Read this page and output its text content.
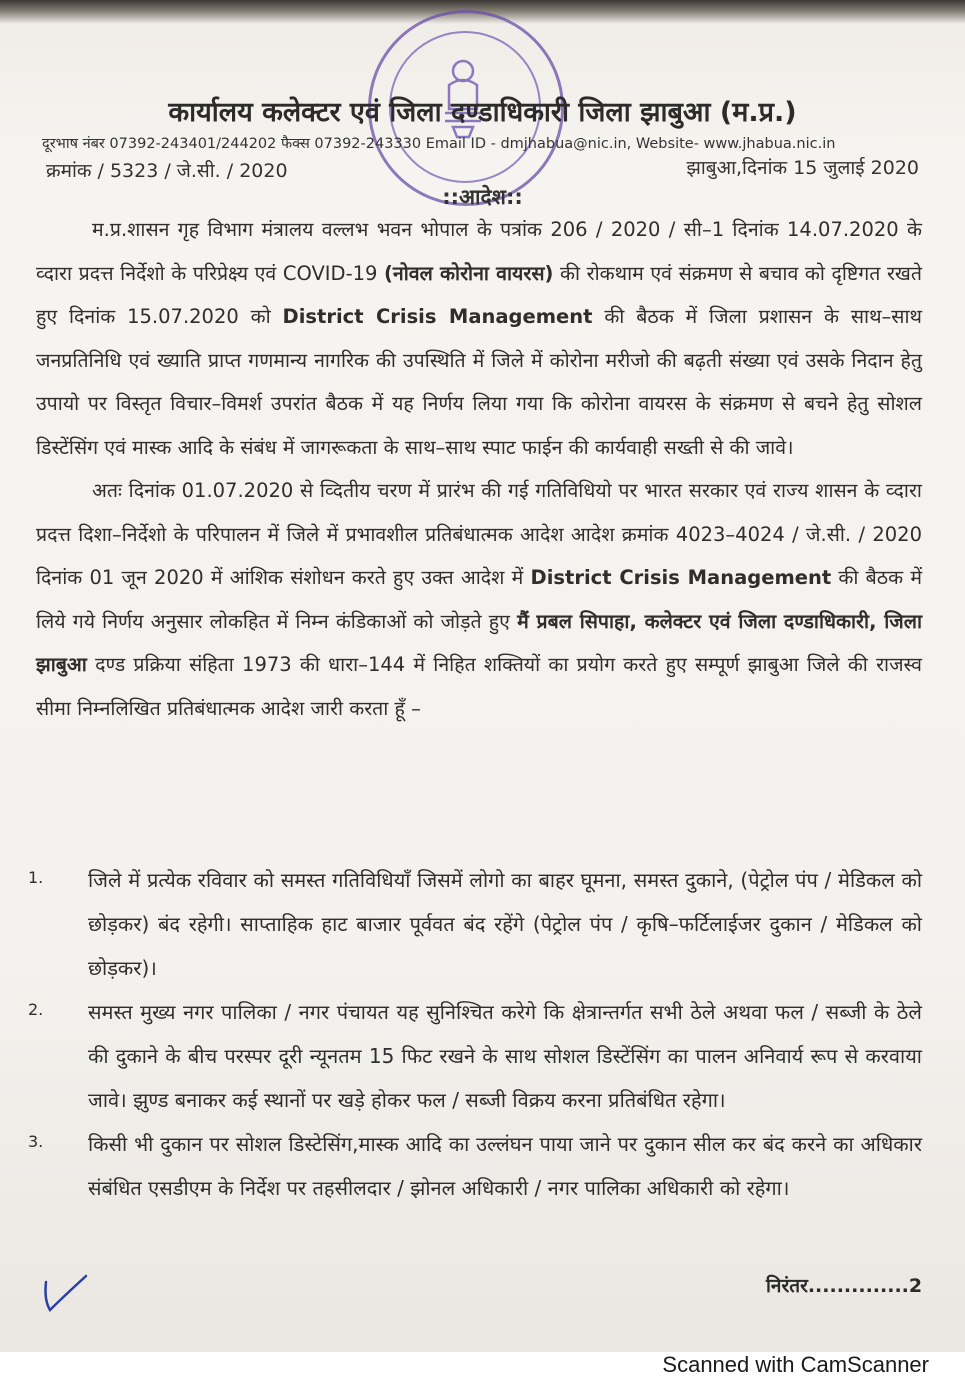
कार्यालय कलेक्टर एवं जिला दण्डाधिकारी जिला झाबुआ (म.प्र.)
दूरभाष नंबर 07392-243401/244202 फैक्स 07392-243330 Email ID - dmjhabua@nic.in, Website- www.jhabua.nic.in
क्रमांक / 5323 / जे.सी. / 2020	झाबुआ,दिनांक 15 जुलाई 2020
::आदेश::

म.प्र.शासन गृह विभाग मंत्रालय वल्लभ भवन भोपाल के पत्रांक 206 / 2020 / सी–1 दिनांक 14.07.2020 के व्दारा प्रदत्त निर्देशो के परिप्रेक्ष्य एवं COVID-19 (नोवल कोरोना वायरस) की रोकथाम एवं संक्रमण से बचाव को दृष्टिगत रखते हुए दिनांक 15.07.2020 को District Crisis Management की बैठक में जिला प्रशासन के साथ–साथ जनप्रतिनिधि एवं ख्याति प्राप्त गणमान्य नागरिक की उपस्थिति में जिले में कोरोना मरीजो की बढ़ती संख्या एवं उसके निदान हेतु उपायो पर विस्तृत विचार–विमर्श उपरांत बैठक में यह निर्णय लिया गया कि कोरोना वायरस के संक्रमण से बचने हेतु सोशल डिस्टेंसिंग एवं मास्क आदि के संबंध में जागरूकता के साथ–साथ स्पाट फाईन की कार्यवाही सख्ती से की जावे।

अतः दिनांक 01.07.2020 से व्दितीय चरण में प्रारंभ की गई गतिविधियो पर भारत सरकार एवं राज्य शासन के व्दारा प्रदत्त दिशा–निर्देशो के परिपालन में जिले में प्रभावशील प्रतिबंधात्मक आदेश आदेश क्रमांक 4023–4024 / जे.सी. / 2020 दिनांक 01 जून 2020 में आंशिक संशोधन करते हुए उक्त आदेश में District Crisis Management की बैठक में लिये गये निर्णय अनुसार लोकहित में निम्न कंडिकाओं को जोड़ते हुए मैं प्रबल सिपाहा, कलेक्टर एवं जिला दण्डाधिकारी, जिला झाबुआ दण्ड प्रक्रिया संहिता 1973 की धारा–144 में निहित शक्तियों का प्रयोग करते हुए सम्पूर्ण झाबुआ जिले की राजस्व सीमा निम्नलिखित प्रतिबंधात्मक आदेश जारी करता हूँ –

1.	जिले में प्रत्येक रविवार को समस्त गतिविधियाँ जिसमें लोगो का बाहर घूमना, समस्त दुकाने, (पेट्रोल पंप / मेडिकल को छोड़कर) बंद रहेगी। साप्ताहिक हाट बाजार पूर्ववत बंद रहेंगे (पेट्रोल पंप / कृषि–फर्टिलाईजर दुकान / मेडिकल को छोड़कर)।
2.	समस्त मुख्य नगर पालिका / नगर पंचायत यह सुनिश्चित करेगे कि क्षेत्रान्तर्गत सभी ठेले अथवा फल / सब्जी के ठेले की दुकाने के बीच परस्पर दूरी न्यूनतम 15 फिट रखने के साथ सोशल डिस्टेंसिंग का पालन अनिवार्य रूप से करवाया जावे। झुण्ड बनाकर कई स्थानों पर खड़े होकर फल / सब्जी विक्रय करना प्रतिबंधित रहेगा।
3.	किसी भी दुकान पर सोशल डिस्टेसिंग,मास्क आदि का उल्लंघन पाया जाने पर दुकान सील कर बंद करने का अधिकार संबंधित एसडीएम के निर्देश पर तहसीलदार / झोनल अधिकारी / नगर पालिका अधिकारी को रहेगा।
निरंतर..............2
Scanned with CamScanner
